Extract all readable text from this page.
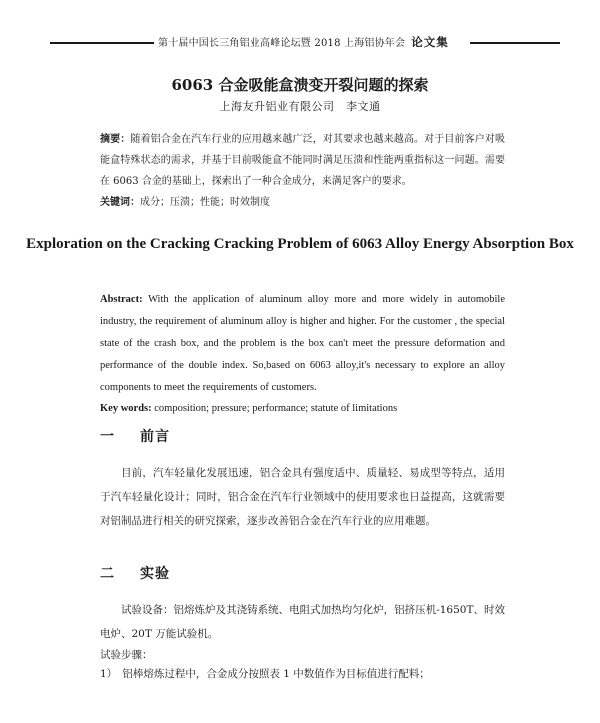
第十届中国长三角铝业高峰论坛暨 2018 上海铝协年会 论文集
6063 合金吸能盒溃变开裂问题的探索
上海友升铝业有限公司　李文通
摘要：随着铝合金在汽车行业的应用越来越广泛，对其要求也越来越高。对于目前客户对吸能盒特殊状态的需求，并基于目前吸能盒不能同时满足压溃和性能两重指标这一问题。需要在 6063 合金的基础上，探索出了一种合金成分，来满足客户的要求。
关键词：成分；压溃；性能；时效制度
Exploration on the Cracking Cracking Problem of 6063 Alloy Energy Absorption Box
Abstract: With the application of aluminum alloy more and more widely in automobile industry, the requirement of aluminum alloy is higher and higher. For the customer , the special state of the crash box, and the problem is the box can't meet the pressure deformation and performance of the double index. So,based on 6063 alloy,it's necessary to explore an alloy components to meet the requirements of customers.
Key words: composition; pressure; performance; statute of limitations
一 前言
目前，汽车轻量化发展迅速，铝合金具有强度适中、质量轻、易成型等特点，适用于汽车轻量化设计；同时，铝合金在汽车行业领域中的使用要求也日益提高，这就需要对铝制品进行相关的研究探索，逐步改善铝合金在汽车行业的应用难题。
二 实验
试验设备：铝熔炼炉及其浇铸系统、电阻式加热均匀化炉，铝挤压机-1650T、时效电炉、20T 万能试验机。
试验步骤：
1）　铝棒熔炼过程中，合金成分按照表 1 中数值作为目标值进行配料；
